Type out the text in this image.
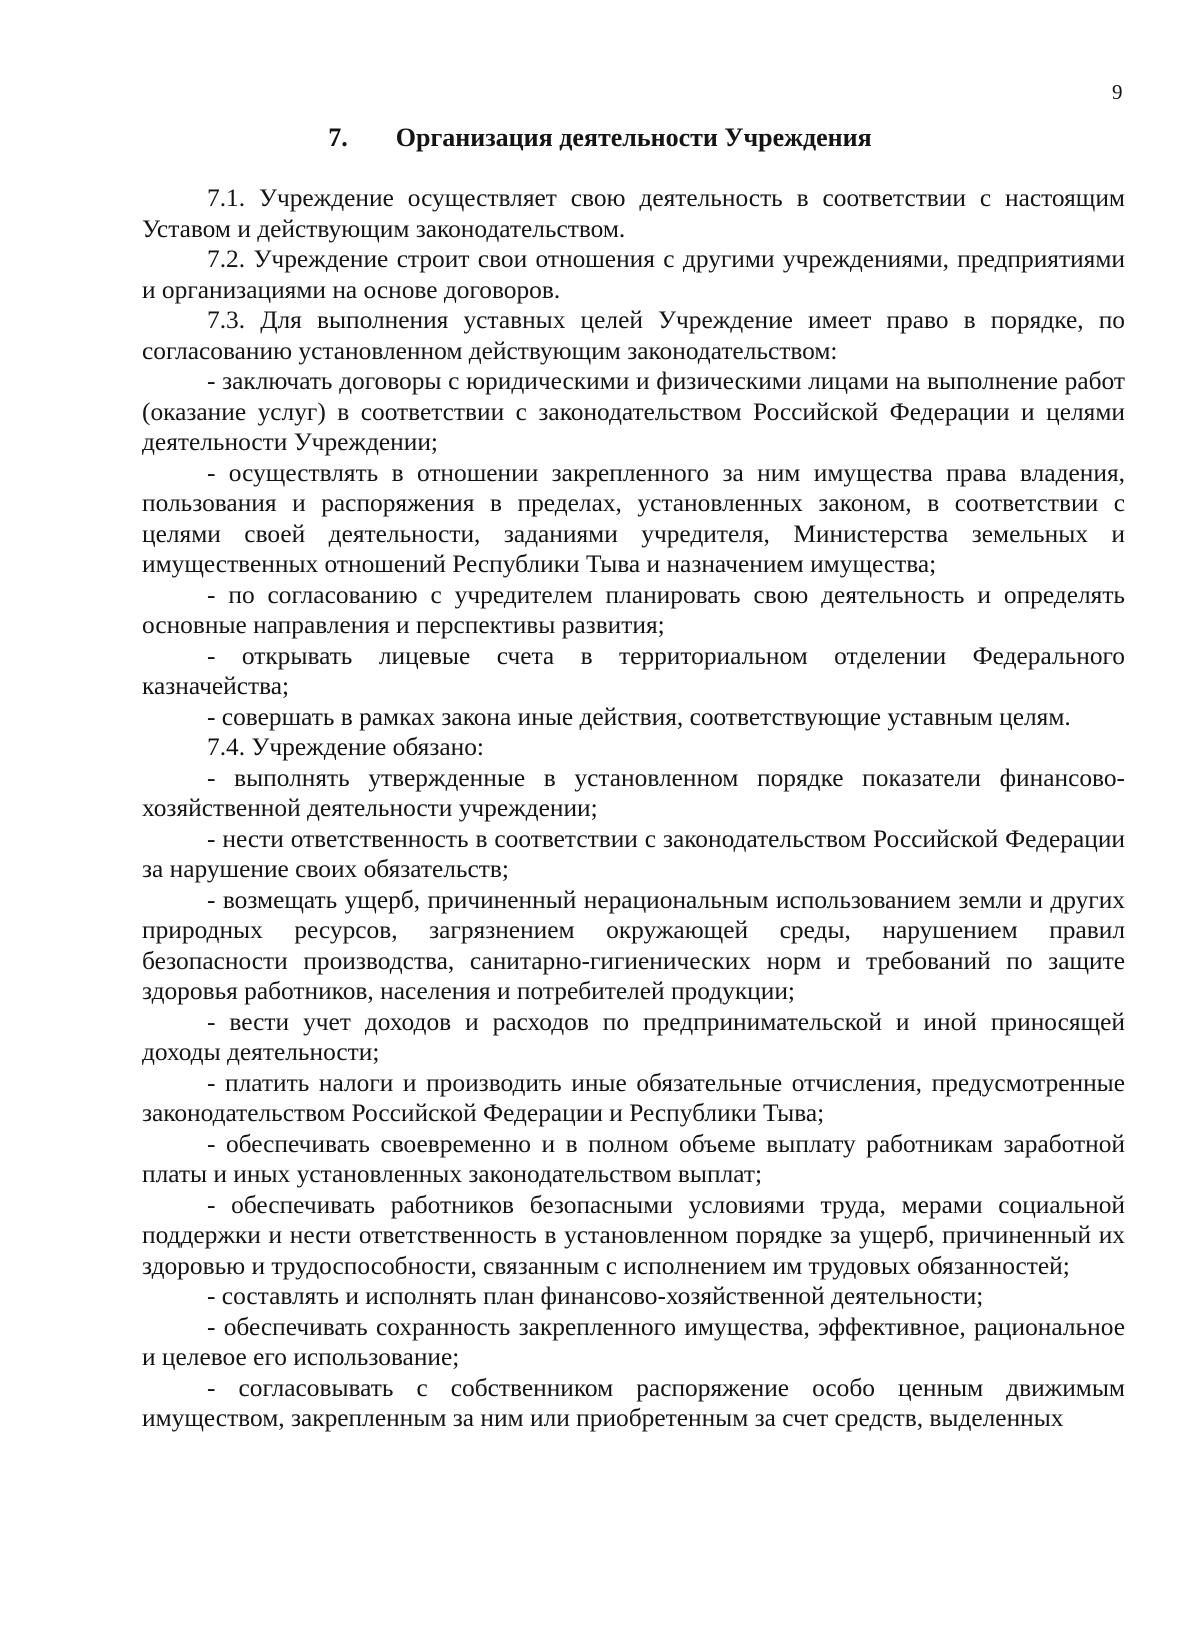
9
7. Организация деятельности Учреждения

7.1. Учреждение осуществляет свою деятельность в соответствии с настоящим Уставом и действующим законодательством.

7.2. Учреждение строит свои отношения с другими учреждениями, предприятиями и организациями на основе договоров.

7.3. Для выполнения уставных целей Учреждение имеет право в порядке, по согласованию установленном действующим законодательством:

- заключать договоры с юридическими и физическими лицами на выполнение работ (оказание услуг) в соответствии с законодательством Российской Федерации и целями деятельности Учреждении;

- осуществлять в отношении закрепленного за ним имущества права владения, пользования и распоряжения в пределах, установленных законом, в соответствии с целями своей деятельности, заданиями учредителя, Министерства земельных и имущественных отношений Республики Тыва и назначением имущества;

- по согласованию с учредителем планировать свою деятельность и определять основные направления и перспективы развития;

- открывать лицевые счета в территориальном отделении Федерального казначейства;

- совершать в рамках закона иные действия, соответствующие уставным целям.

7.4. Учреждение обязано:

- выполнять утвержденные в установленном порядке показатели финансово-хозяйственной деятельности учреждении;

- нести ответственность в соответствии с законодательством Российской Федерации за нарушение своих обязательств;

- возмещать ущерб, причиненный нерациональным использованием земли и других природных ресурсов, загрязнением окружающей среды, нарушением правил безопасности производства, санитарно-гигиенических норм и требований по защите здоровья работников, населения и потребителей продукции;

- вести учет доходов и расходов по предпринимательской и иной приносящей доходы деятельности;

- платить налоги и производить иные обязательные отчисления, предусмотренные законодательством Российской Федерации и Республики Тыва;

- обеспечивать своевременно и в полном объеме выплату работникам заработной платы и иных установленных законодательством выплат;

- обеспечивать работников безопасными условиями труда, мерами социальной поддержки и нести ответственность в установленном порядке за ущерб, причиненный их здоровью и трудоспособности, связанным с исполнением им трудовых обязанностей;

- составлять и исполнять план финансово-хозяйственной деятельности;

- обеспечивать сохранность закрепленного имущества, эффективное, рациональное и целевое его использование;

- согласовывать с собственником распоряжение особо ценным движимым имуществом, закрепленным за ним или приобретенным за счет средств, выделенных
